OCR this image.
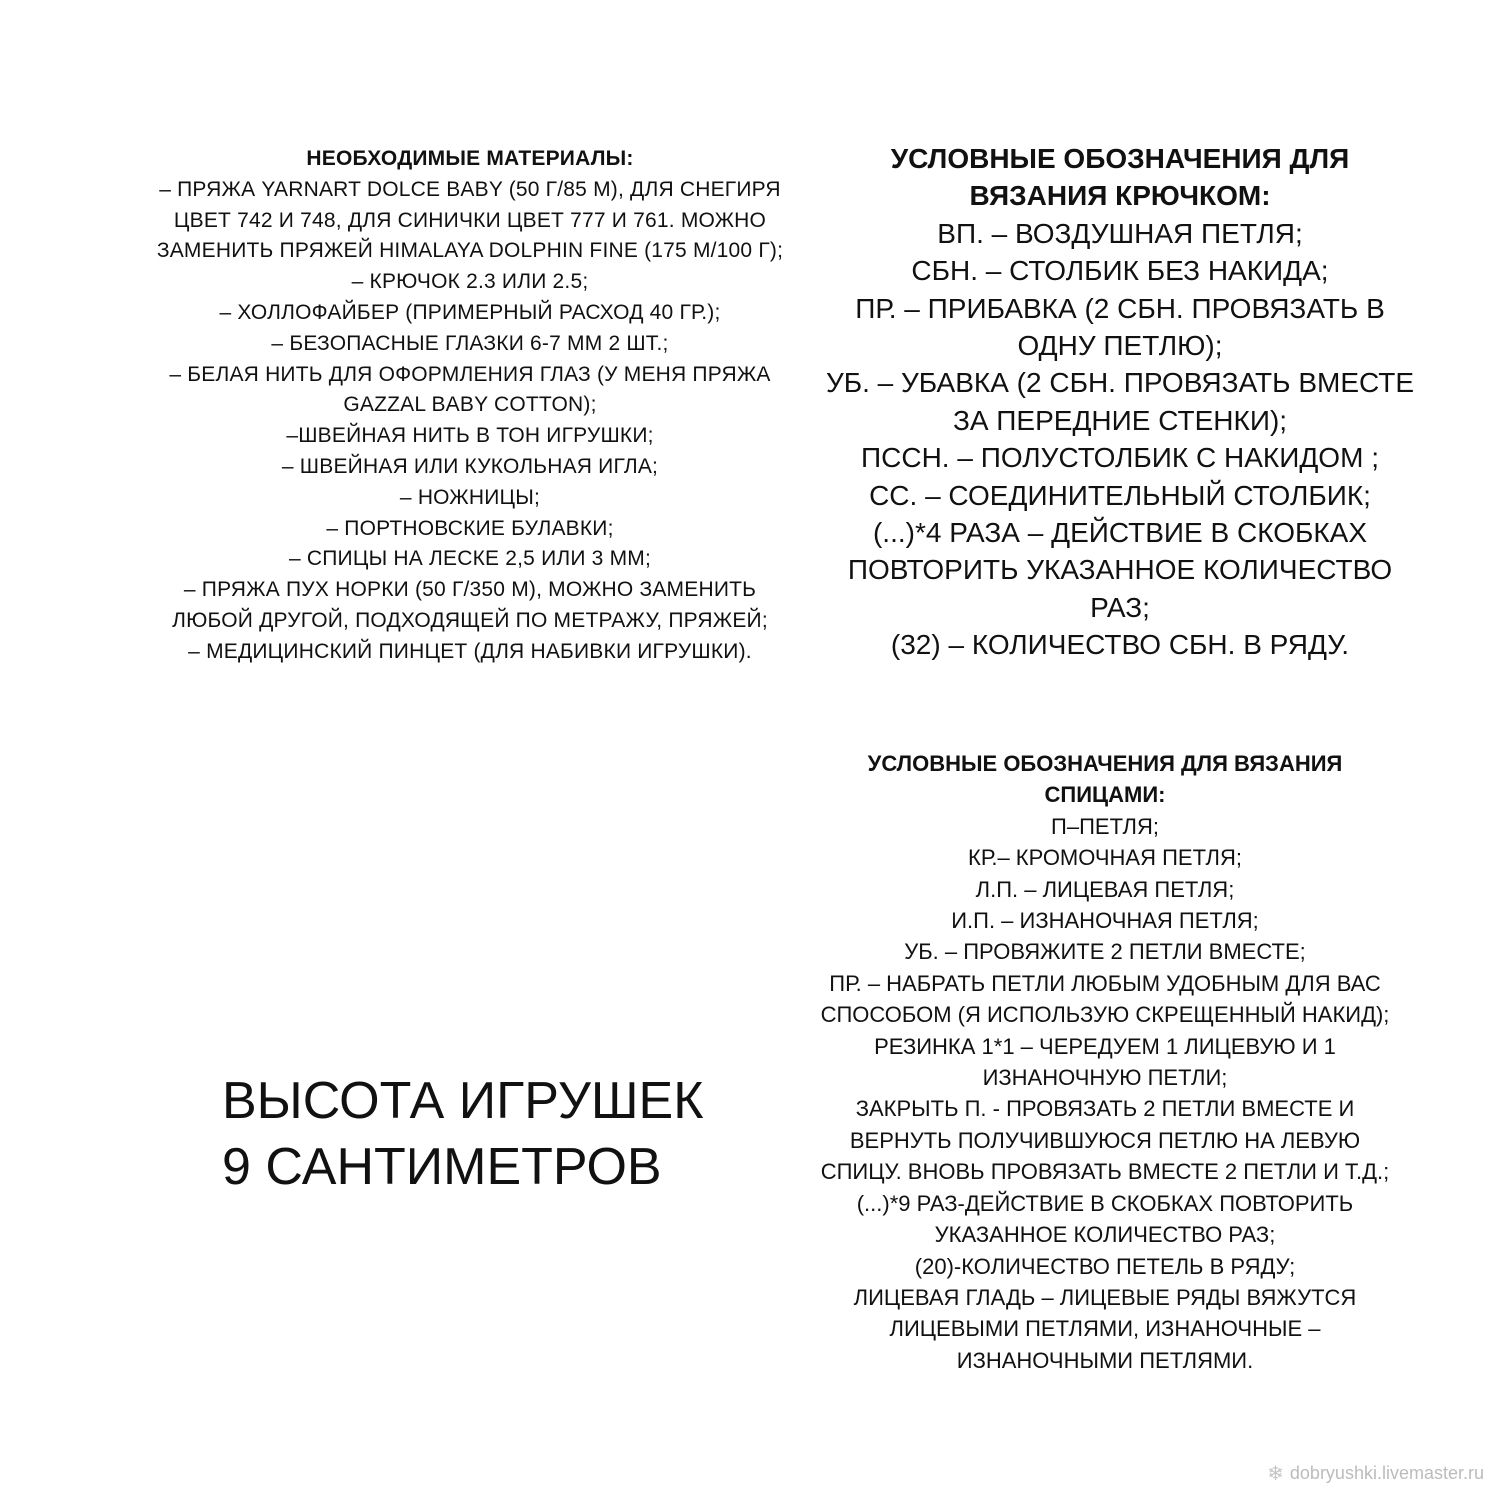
НЕОБХОДИМЫЕ МАТЕРИАЛЫ:
– ПРЯЖА YARNART DOLCE BABY (50 Г/85 М), ДЛЯ СНЕГИРЯ
ЦВЕТ 742 И 748, ДЛЯ СИНИЧКИ ЦВЕТ 777 И 761. МОЖНО
ЗАМЕНИТЬ ПРЯЖЕЙ HIMALAYA DOLPHIN FINE (175 М/100 Г);
– КРЮЧОК 2.3 ИЛИ 2.5;
– ХОЛЛОФАЙБЕР (ПРИМЕРНЫЙ РАСХОД 40 ГР.);
– БЕЗОПАСНЫЕ ГЛАЗКИ 6-7 ММ 2 ШТ.;
– БЕЛАЯ НИТЬ ДЛЯ ОФОРМЛЕНИЯ ГЛАЗ (У МЕНЯ ПРЯЖА
GAZZAL BABY COTTON);
–ШВЕЙНАЯ НИТЬ В ТОН ИГРУШКИ;
– ШВЕЙНАЯ ИЛИ КУКОЛЬНАЯ ИГЛА;
– НОЖНИЦЫ;
– ПОРТНОВСКИЕ БУЛАВКИ;
– СПИЦЫ НА ЛЕСКЕ 2,5 ИЛИ 3 ММ;
– ПРЯЖА ПУХ НОРКИ (50 Г/350 М), МОЖНО ЗАМЕНИТЬ
ЛЮБОЙ ДРУГОЙ, ПОДХОДЯЩЕЙ ПО МЕТРАЖУ, ПРЯЖЕЙ;
– МЕДИЦИНСКИЙ ПИНЦЕТ (ДЛЯ НАБИВКИ ИГРУШКИ).
УСЛОВНЫЕ ОБОЗНАЧЕНИЯ ДЛЯ
ВЯЗАНИЯ КРЮЧКОМ:
ВП. – ВОЗДУШНАЯ ПЕТЛЯ;
СБН. – СТОЛБИК БЕЗ НАКИДА;
ПР. – ПРИБАВКА (2 СБН. ПРОВЯЗАТЬ В
ОДНУ ПЕТЛЮ);
УБ. – УБАВКА (2 СБН. ПРОВЯЗАТЬ ВМЕСТЕ
ЗА ПЕРЕДНИЕ СТЕНКИ);
ПССН. – ПОЛУСТОЛБИК С НАКИДОМ ;
СС. – СОЕДИНИТЕЛЬНЫЙ СТОЛБИК;
(...)*4 РАЗА – ДЕЙСТВИЕ В СКОБКАХ
ПОВТОРИТЬ УКАЗАННОЕ КОЛИЧЕСТВО
РАЗ;
(32) – КОЛИЧЕСТВО СБН. В РЯДУ.
УСЛОВНЫЕ ОБОЗНАЧЕНИЯ ДЛЯ ВЯЗАНИЯ
СПИЦАМИ:
П–ПЕТЛЯ;
КР.– КРОМОЧНАЯ ПЕТЛЯ;
Л.П. – ЛИЦЕВАЯ ПЕТЛЯ;
И.П. – ИЗНАНОЧНАЯ ПЕТЛЯ;
УБ. – ПРОВЯЖИТЕ 2 ПЕТЛИ ВМЕСТЕ;
ПР. – НАБРАТЬ ПЕТЛИ ЛЮБЫМ УДОБНЫМ ДЛЯ ВАС
СПОСОБОМ (Я ИСПОЛЬЗУЮ СКРЕЩЕННЫЙ НАКИД);
РЕЗИНКА 1*1 – ЧЕРЕДУЕМ 1 ЛИЦЕВУЮ И 1
ИЗНАНОЧНУЮ ПЕТЛИ;
ЗАКРЫТЬ П. - ПРОВЯЗАТЬ 2 ПЕТЛИ ВМЕСТЕ И
ВЕРНУТЬ ПОЛУЧИВШУЮСЯ ПЕТЛЮ НА ЛЕВУЮ
СПИЦУ. ВНОВЬ ПРОВЯЗАТЬ ВМЕСТЕ 2 ПЕТЛИ И Т.Д.;
(...)*9 РАЗ-ДЕЙСТВИЕ В СКОБКАХ ПОВТОРИТЬ
УКАЗАННОЕ КОЛИЧЕСТВО РАЗ;
(20)-КОЛИЧЕСТВО ПЕТЕЛЬ В РЯДУ;
ЛИЦЕВАЯ ГЛАДЬ – ЛИЦЕВЫЕ РЯДЫ ВЯЖУТСЯ
ЛИЦЕВЫМИ ПЕТЛЯМИ, ИЗНАНОЧНЫЕ –
ИЗНАНОЧНЫМИ ПЕТЛЯМИ.
ВЫСОТА ИГРУШЕК
9 САНТИМЕТРОВ
❄ dobryushki.livemaster.ru
